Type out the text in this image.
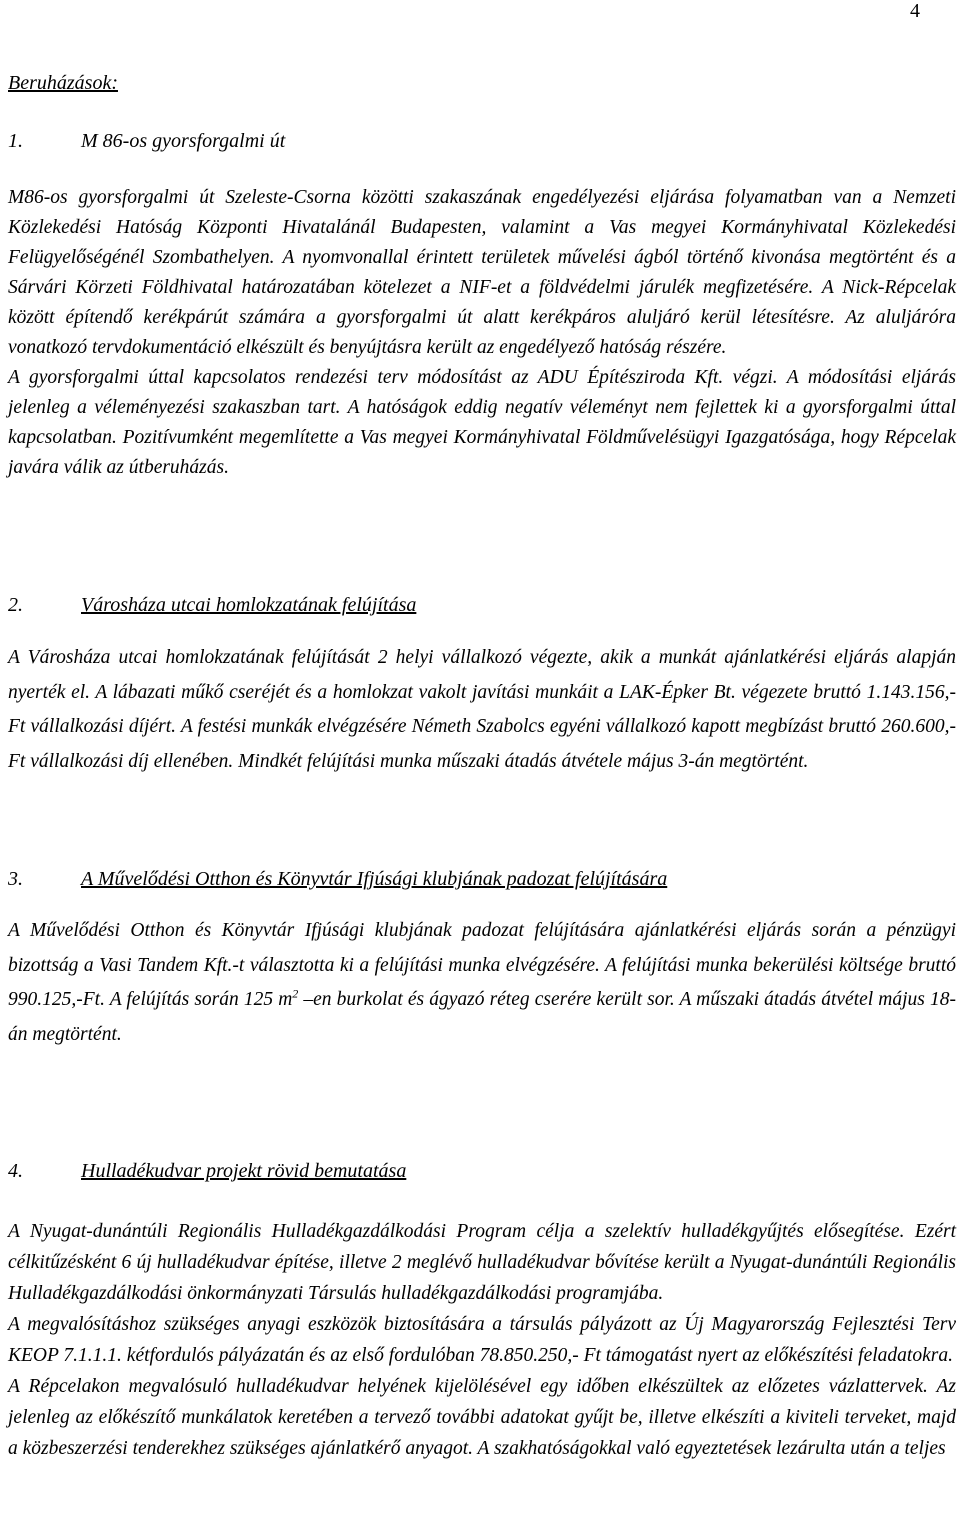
4
Beruházások:
1.	M 86-os gyorsforgalmi út
M86-os gyorsforgalmi út Szeleste-Csorna közötti szakaszának engedélyezési eljárása folyamatban van a Nemzeti Közlekedési Hatóság Központi Hivatalánál Budapesten, valamint a Vas megyei Kormányhivatal Közlekedési Felügyelőségénél Szombathelyen. A nyomvonallal érintett területek művelési ágból történő kivonása megtörtént és a Sárvári Körzeti Földhivatal határozatában kötelezet a NIF-et a földvédelmi járulék megfizetésére. A Nick-Répcelak között építendő kerékpárút számára a gyorsforgalmi út alatt kerékpáros aluljáró kerül létesítésre. Az aluljáróra vonatkozó tervdokumentáció elkészült és benyújtásra került az engedélyező hatóság részére.
A gyorsforgalmi úttal kapcsolatos rendezési terv módosítást az ADU Építésziroda Kft. végzi. A módosítási eljárás jelenleg a véleményezési szakaszban tart. A hatóságok eddig negatív véleményt nem fejlettek ki a gyorsforgalmi úttal kapcsolatban. Pozitívumként megemlítette a Vas megyei Kormányhivatal Földművelésügyi Igazgatósága, hogy Répcelak javára válik az útberuházás.
2.	Városháza utcai homlokzatának felújítása
A Városháza utcai homlokzatának felújítását 2 helyi vállalkozó végezte, akik a munkát ajánlatkérési eljárás alapján nyerték el. A lábazati műkő cseréjét és a homlokzat vakolt javítási munkáit a LAK-Épker Bt. végezete bruttó 1.143.156,-Ft vállalkozási díjért. A festési munkák elvégzésére Németh Szabolcs egyéni vállalkozó kapott megbízást bruttó 260.600,-Ft vállalkozási díj ellenében. Mindkét felújítási munka műszaki átadás átvétele május 3-án megtörtént.
3.	A Művelődési Otthon és Könyvtár Ifjúsági klubjának padozat felújítására
A Művelődési Otthon és Könyvtár Ifjúsági klubjának padozat felújítására ajánlatkérési eljárás során a pénzügyi bizottság a Vasi Tandem Kft.-t választotta ki a felújítási munka elvégzésére. A felújítási munka bekerülési költsége bruttó 990.125,-Ft. A felújítás során 125 $m^2$ –en burkolat és ágyazó réteg cserére került sor. A műszaki átadás átvétel május 18-án megtörtént.
4.	Hulladékudvar projekt rövid bemutatása
A Nyugat-dunántúli Regionális Hulladékgazdálkodási Program célja a szelektív hulladékgyűjtés elősegítése. Ezért célkitűzésként 6 új hulladékudvar építése, illetve 2 meglévő hulladékudvar bővítése került a Nyugat-dunántúli Regionális Hulladékgazdálkodási önkormányzati Társulás hulladékgazdálkodási programjába.
A megvalósításhoz szükséges anyagi eszközök biztosítására a társulás pályázott az Új Magyarország Fejlesztési Terv KEOP 7.1.1.1. kétfordulós pályázatán és az első fordulóban 78.850.250,- Ft támogatást nyert az előkészítési feladatokra.
A Répcelakon megvalósuló hulladékudvar helyének kijelölésével egy időben elkészültek az előzetes vázlattervek. Az jelenleg az előkészítő munkálatok keretében a tervező további adatokat gyűjt be, illetve elkészíti a kiviteli terveket, majd a közbeszerzési tenderekhez szükséges ajánlatkérő anyagot. A szakhatóságokkal való egyeztetések lezárulta után a teljes
